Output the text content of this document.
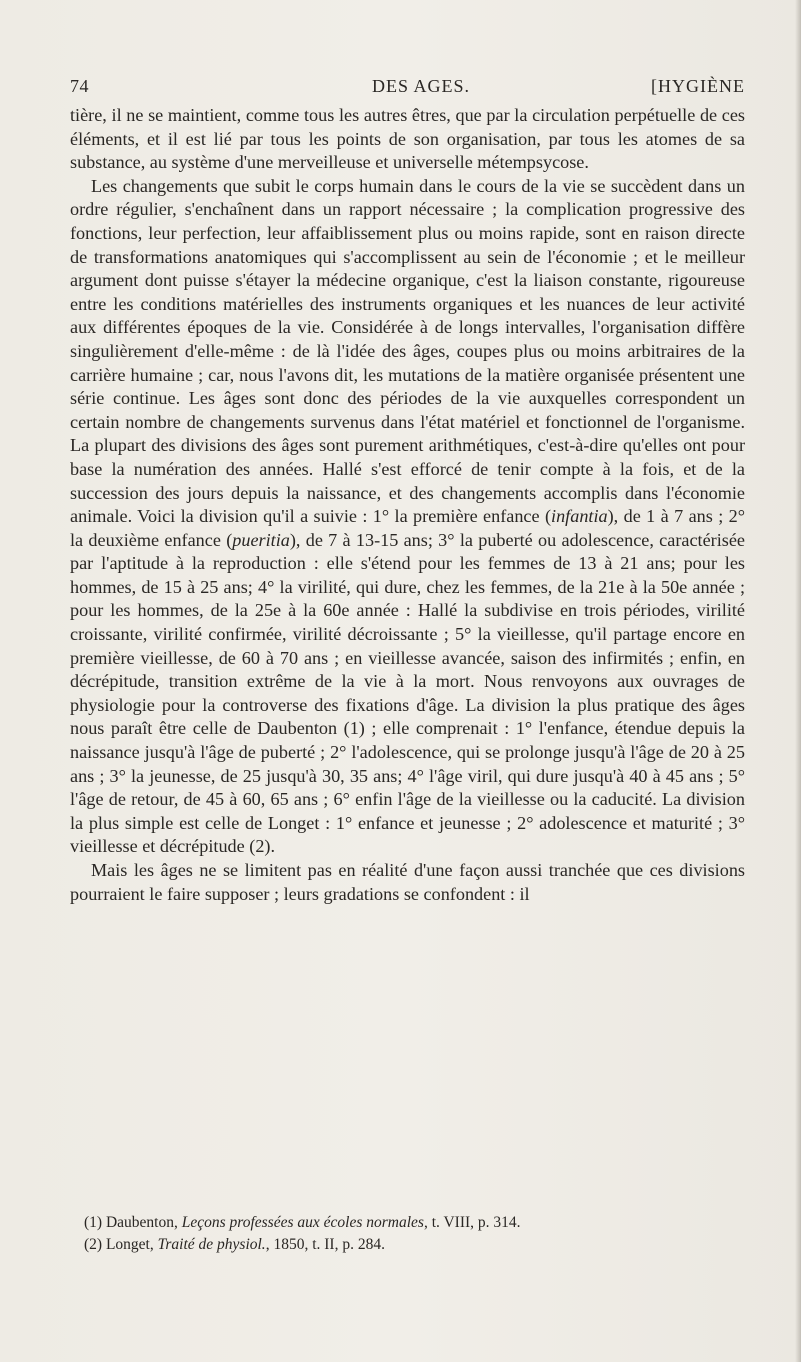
74	DES AGES.	[HYGIÈNE

tière, il ne se maintient, comme tous les autres êtres, que par la circulation perpétuelle de ces éléments, et il est lié par tous les points de son organisation, par tous les atomes de sa substance, au système d'une merveilleuse et universelle métempsycose.

Les changements que subit le corps humain dans le cours de la vie se succèdent dans un ordre régulier, s'enchaînent dans un rapport nécessaire ; la complication progressive des fonctions, leur perfection, leur affaiblissement plus ou moins rapide, sont en raison directe de transformations anatomiques qui s'accomplissent au sein de l'économie ; et le meilleur argument dont puisse s'étayer la médecine organique, c'est la liaison constante, rigoureuse entre les conditions matérielles des instruments organiques et les nuances de leur activité aux différentes époques de la vie. Considérée à de longs intervalles, l'organisation diffère singulièrement d'elle-même : de là l'idée des âges, coupes plus ou moins arbitraires de la carrière humaine ; car, nous l'avons dit, les mutations de la matière organisée présentent une série continue. Les âges sont donc des périodes de la vie auxquelles correspondent un certain nombre de changements survenus dans l'état matériel et fonctionnel de l'organisme. La plupart des divisions des âges sont purement arithmétiques, c'est-à-dire qu'elles ont pour base la numération des années. Hallé s'est efforcé de tenir compte à la fois, et de la succession des jours depuis la naissance, et des changements accomplis dans l'économie animale. Voici la division qu'il a suivie : 1° la première enfance (infantia), de 1 à 7 ans ; 2° la deuxième enfance (pueritia), de 7 à 13-15 ans; 3° la puberté ou adolescence, caractérisée par l'aptitude à la reproduction : elle s'étend pour les femmes de 13 à 21 ans; pour les hommes, de 15 à 25 ans; 4° la virilité, qui dure, chez les femmes, de la 21e à la 50e année ; pour les hommes, de la 25e à la 60e année : Hallé la subdivise en trois périodes, virilité croissante, virilité confirmée, virilité décroissante ; 5° la vieillesse, qu'il partage encore en première vieillesse, de 60 à 70 ans ; en vieillesse avancée, saison des infirmités ; enfin, en décrépitude, transition extrême de la vie à la mort. Nous renvoyons aux ouvrages de physiologie pour la controverse des fixations d'âge. La division la plus pratique des âges nous paraît être celle de Daubenton (1) ; elle comprenait : 1° l'enfance, étendue depuis la naissance jusqu'à l'âge de puberté ; 2° l'adolescence, qui se prolonge jusqu'à l'âge de 20 à 25 ans ; 3° la jeunesse, de 25 jusqu'à 30, 35 ans; 4° l'âge viril, qui dure jusqu'à 40 à 45 ans ; 5° l'âge de retour, de 45 à 60, 65 ans ; 6° enfin l'âge de la vieillesse ou la caducité. La division la plus simple est celle de Longet : 1° enfance et jeunesse ; 2° adolescence et maturité ; 3° vieillesse et décrépitude (2).

Mais les âges ne se limitent pas en réalité d'une façon aussi tranchée que ces divisions pourraient le faire supposer ; leurs gradations se confondent : il

(1) Daubenton, Leçons professées aux écoles normales, t. VIII, p. 314.
(2) Longet, Traité de physiol., 1850, t. II, p. 284.
